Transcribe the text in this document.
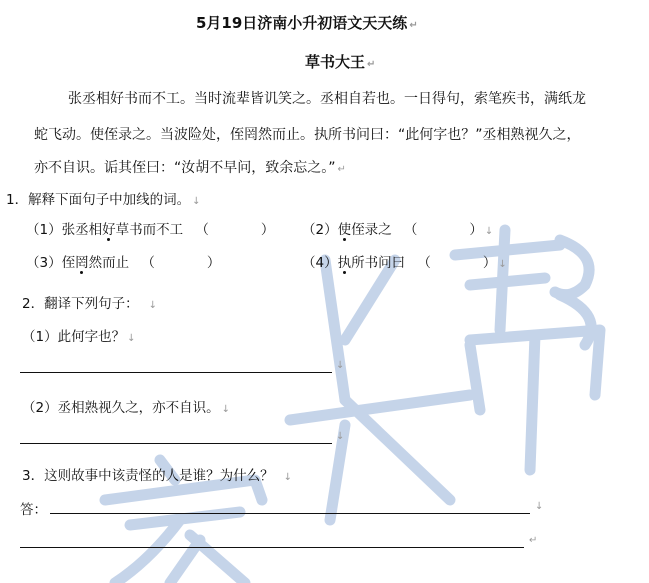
5月19日济南小升初语文天天练 ↵
草书大王 ↵
张丞相好书而不工。当时流辈皆讥笑之。丞相自若也。一日得句，索笔疾书，满纸龙
蛇飞动。使侄录之。当波险处，侄罔然而止。执所书问曰：“此何字也？”丞相熟视久之，
亦不自识。诟其侄曰：“汝胡不早问，致余忘之。” ↵
1．解释下面句子中加线的词。 ↓
（1）张丞相好草书而不工 （	） （2）使侄录之 （	） ↓
（3）侄罔然而止 （	）	（4）执所书问曰 （	） ↓
2．翻译下列句子： ↓
（1）此何字也？ ↓
↓
（2）丞相熟视久之，亦不自识。 ↓
↓
3．这则故事中该责怪的人是谁？为什么？ ↓
答：	↓
↵
